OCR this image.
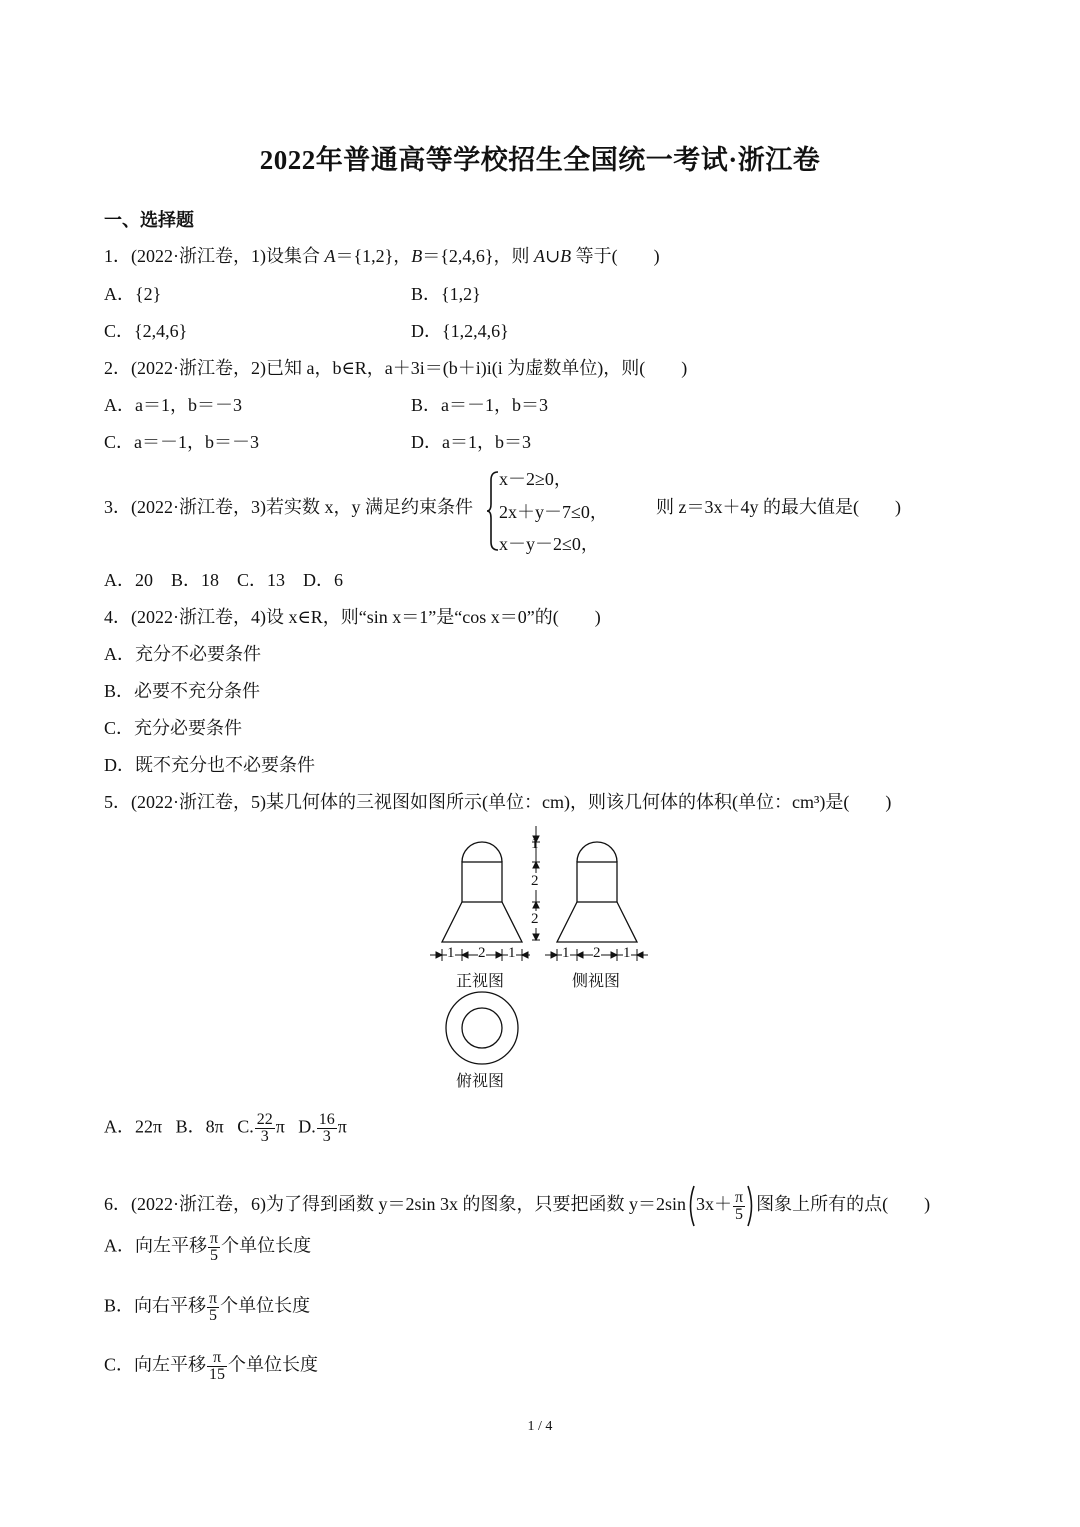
2022年普通高等学校招生全国统一考试·浙江卷
一、选择题
1．(2022·浙江卷，1)设集合 A＝{1,2}，B＝{2,4,6}，则 A∪B 等于(　　)
A．{2}	B．{1,2}
C．{2,4,6}	D．{1,2,4,6}
2．(2022·浙江卷，2)已知 a，b∈R，a＋3i＝(b＋i)i(i 为虚数单位)，则(　　)
A．a＝1，b＝－3	B．a＝－1，b＝3
C．a＝－1，b＝－3	D．a＝1，b＝3
3．(2022·浙江卷，3)若实数 x，y 满足约束条件
x－2≥0，
2x＋y－7≤0，
x－y－2≤0，
则 z＝3x＋4y 的最大值是(　　)
A．20　B．18　C．13　D．6
4．(2022·浙江卷，4)设 x∈R，则“sin x＝1”是“cos x＝0”的(　　)
A．充分不必要条件
B．必要不充分条件
C．充分必要条件
D．既不充分也不必要条件
5．(2022·浙江卷，5)某几何体的三视图如图所示(单位：cm)，则该几何体的体积(单位：cm³)是(　　)
1
2
2
1 2 1	1 2 1
正视图	侧视图
俯视图
A．22π B．8π C. $\frac{22}{3}$ π D. $\frac{16}{3}$ π
6．(2022·浙江卷，6)为了得到函数 y＝2sin 3x 的图象，只要把函数 y＝2sin $3x+ \frac{\pi}{5}$ 图象上所有的点(　　)
A．向左平移 $\frac{\pi}{5}$ 个单位长度
B．向右平移 $\frac{\pi}{5}$ 个单位长度
C．向左平移 $\frac{\pi}{15}$ 个单位长度
1 / 4
